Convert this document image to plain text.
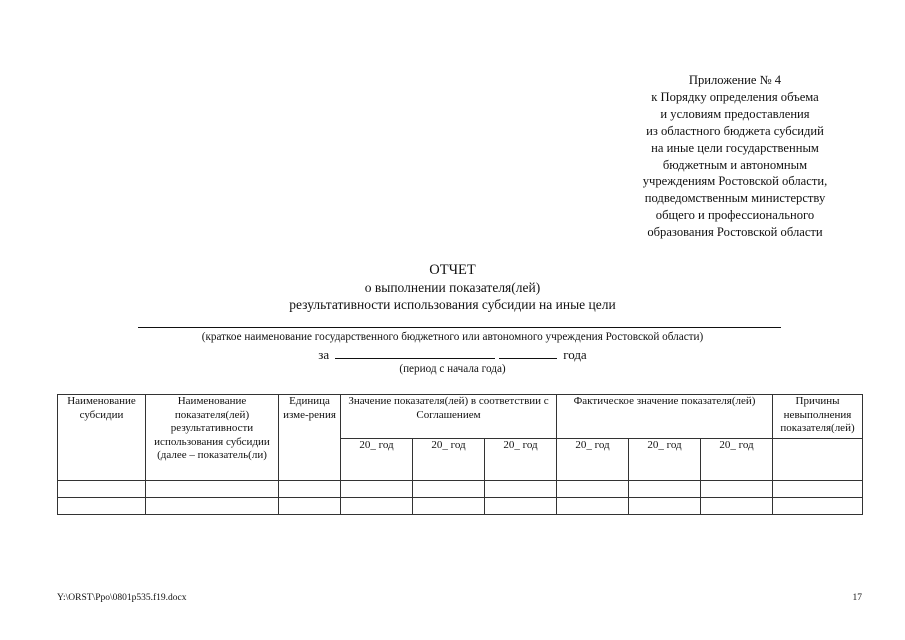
Приложение № 4
к Порядку определения объема
и условиям предоставления
из областного бюджета субсидий
на иные цели государственным
бюджетным и автономным
учреждениям Ростовской области,
подведомственным министерству
общего и профессионального
образования Ростовской области
ОТЧЕТ
о выполнении показателя(лей)
результативности использования субсидии на иные цели
(краткое наименование государственного бюджетного или автономного учреждения Ростовской области)
за	года
(период с начала года)
Наименование субсидии	Наименование показателя(лей) результативности использования субсидии (далее – показатель(ли)	Единица изме-рения	Значение показателя(лей) в соответствии с Соглашением			Фактическое значение показателя(лей)			Причины невыполнения показателя(лей)
			20_ год	20_ год	20_ год	20_ год	20_ год	20_ год	

Y:\ORST\Ppo\0801p535.f19.docx	17
